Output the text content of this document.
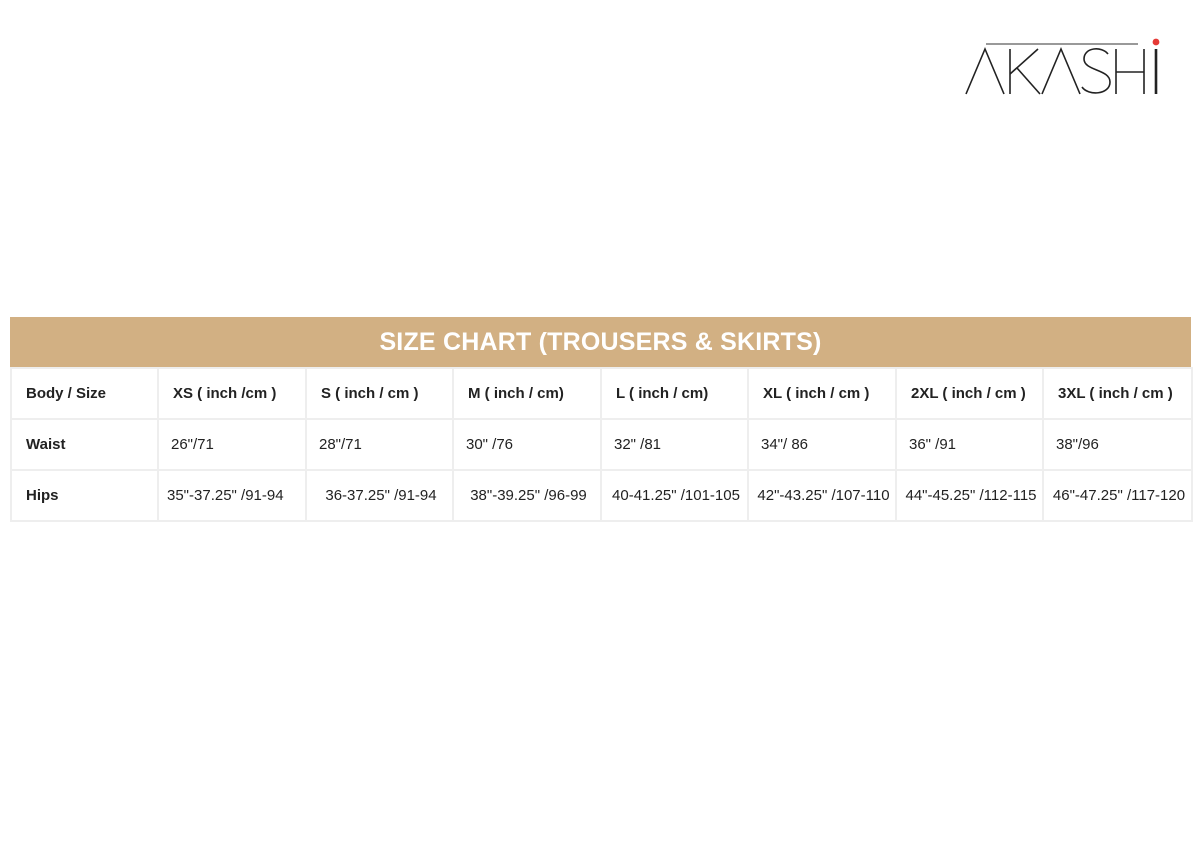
SIZE CHART (TROUSERS & SKIRTS)
Body / Size	XS ( inch /cm )	S ( inch / cm )	M ( inch / cm)	L ( inch / cm)	XL ( inch / cm )	2XL ( inch / cm )	3XL ( inch / cm )
Waist	26"/71	28"/71	30" /76	32" /81	34"/ 86	36" /91	38"/96
Hips	35"-37.25" /91-94	36-37.25" /91-94	38"-39.25" /96-99	40-41.25" /101-105	42"-43.25" /107-110	44"-45.25" /112-115	46"-47.25" /117-120
